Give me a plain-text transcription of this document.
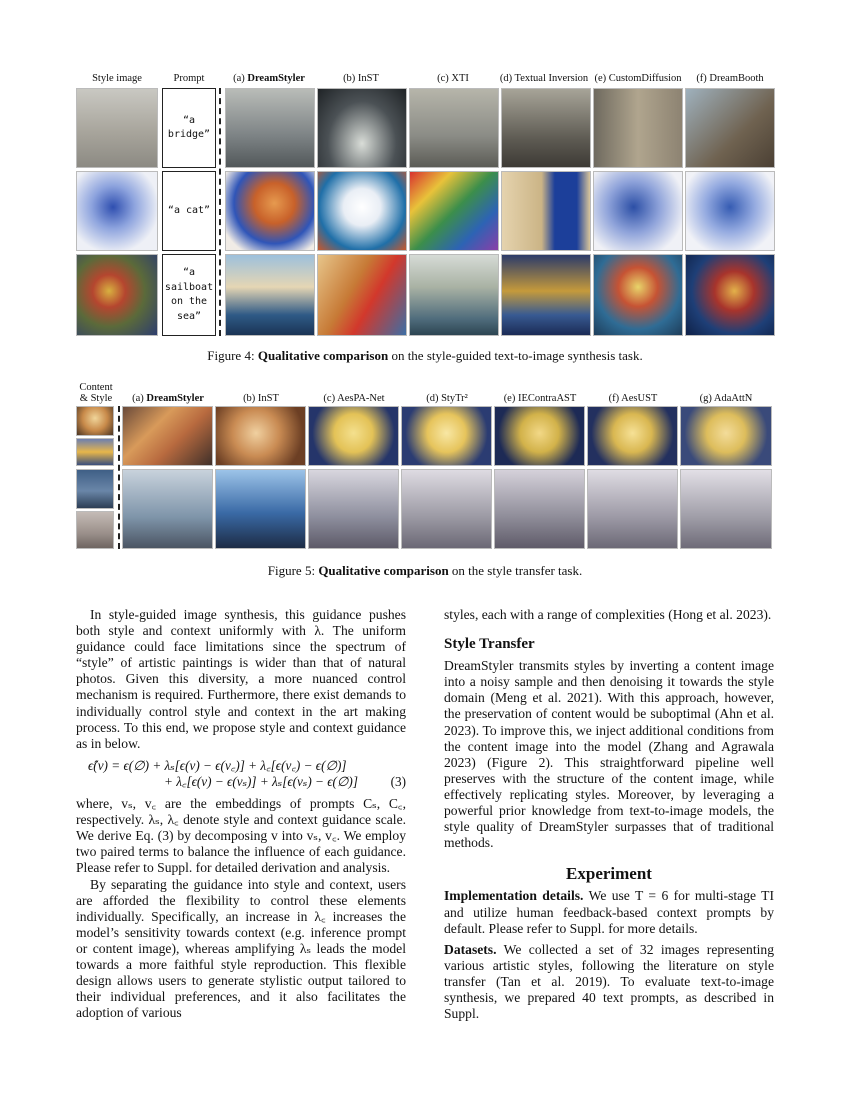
Style image	Prompt	(a) DreamStyler	(b) InST	(c) XTI	(d) Textual Inversion (e) CustomDiffusion	(f) DreamBooth
“a
bridge”
“a cat”
“a
sailboat
on the
sea”
Figure 4: Qualitative comparison on the style-guided text-to-image synthesis task.
Content
& Style	(a) DreamStyler	(b) InST	(c) AesPA-Net	(d) StyTr²	(e) IEContraAST	(f) AesUST	(g) AdaAttN
Figure 5: Qualitative comparison on the style transfer task.

In style-guided image synthesis, this guidance pushes both style and context uniformly with λ. The uniform guidance could face limitations since the spectrum of “style” of artistic paintings is wider than that of natural photos. Given this diversity, a more nuanced control mechanism is required. Furthermore, there exist demands to individually control style and context in the art making process. To this end, we propose style and context guidance as in below.

ϵ̂(v) = ϵ(∅) + λₛ[ϵ(v) − ϵ(v꜀)] + λ꜀[ϵ(v꜀) − ϵ(∅)]
+ λ꜀[ϵ(v) − ϵ(vₛ)] + λₛ[ϵ(vₛ) − ϵ(∅)] (3)

where, vₛ, v꜀ are the embeddings of prompts Cₛ, C꜀, respectively. λₛ, λ꜀ denote style and context guidance scale. We derive Eq. (3) by decomposing v into vₛ, v꜀. We employ two paired terms to balance the influence of each guidance. Please refer to Suppl. for detailed derivation and analysis.

By separating the guidance into style and context, users are afforded the flexibility to control these elements individually. Specifically, an increase in λ꜀ increases the model’s sensitivity towards context (e.g. inference prompt or content image), whereas amplifying λₛ leads the model towards a more faithful style reproduction. This flexible design allows users to generate stylistic output tailored to their individual preferences, and it also facilitates the adoption of various

styles, each with a range of complexities (Hong et al. 2023).

Style Transfer

DreamStyler transmits styles by inverting a content image into a noisy sample and then denoising it towards the style domain (Meng et al. 2021). With this approach, however, the preservation of content would be suboptimal (Ahn et al. 2023). To improve this, we inject additional conditions from the content image into the model (Zhang and Agrawala 2023) (Figure 2). This straightforward pipeline well preserves with the structure of the content image, while effectively replicating styles. Moreover, by leveraging a powerful prior knowledge from text-to-image models, the style quality of DreamStyler surpasses that of traditional methods.

Experiment

Implementation details. We use T = 6 for multi-stage TI and utilize human feedback-based context prompts by default. Please refer to Suppl. for more details.

Datasets. We collected a set of 32 images representing various artistic styles, following the literature on style transfer (Tan et al. 2019). To evaluate text-to-image synthesis, we prepared 40 text prompts, as described in Suppl.
